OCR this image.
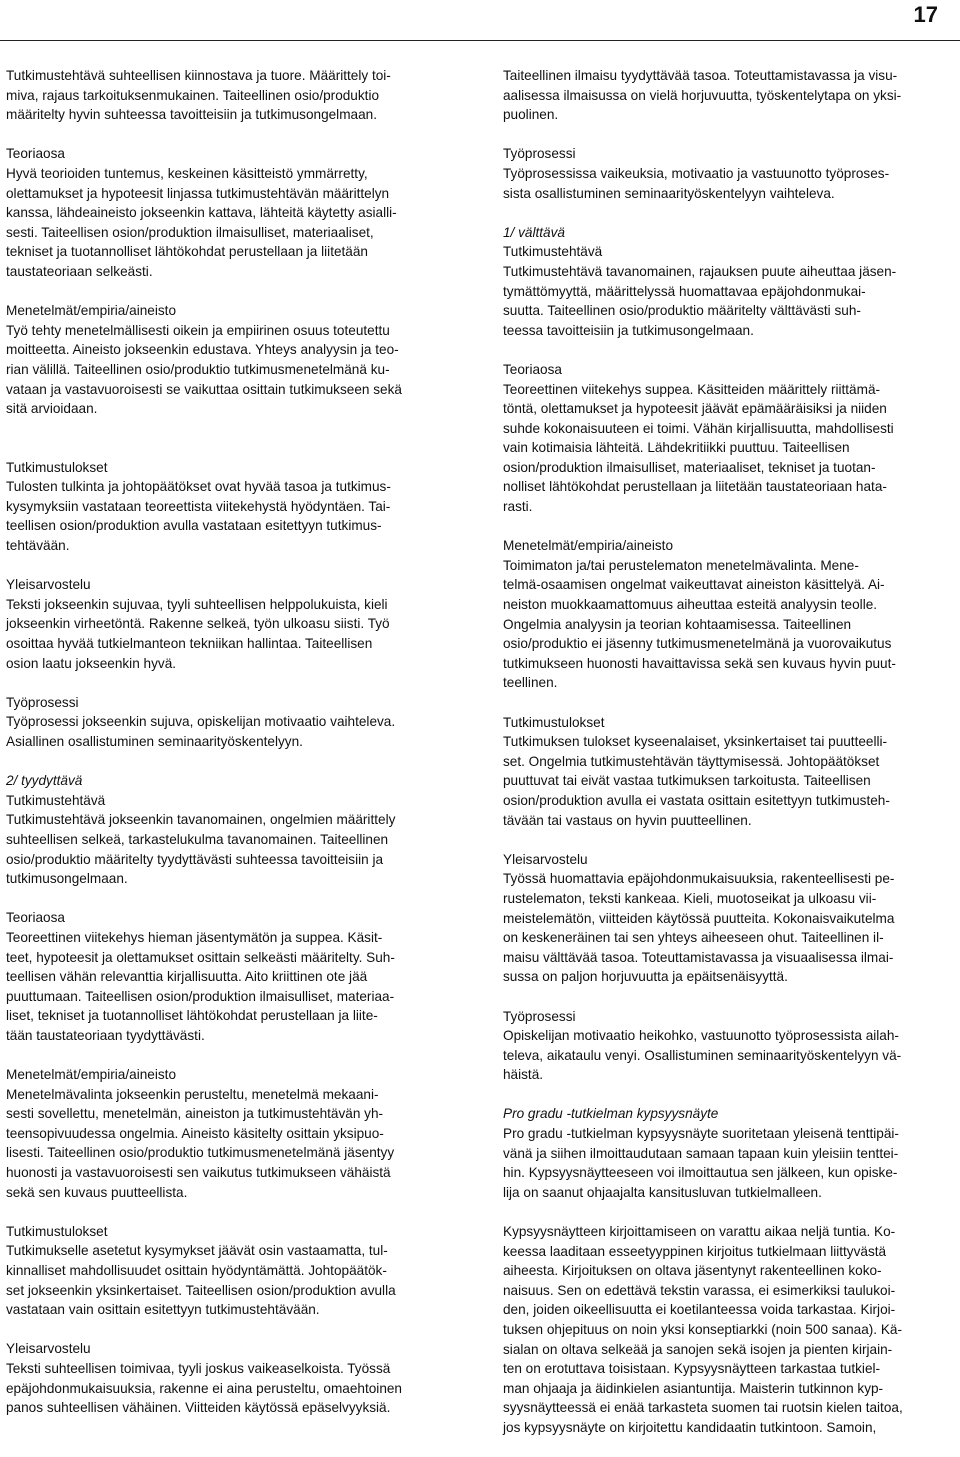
17
Tutkimustehtävä suhteellisen kiinnostava ja tuore. Määrittely toi-
miva, rajaus tarkoituksenmukainen. Taiteellinen osio/produktio
määritelty hyvin suhteessa tavoitteisiin ja tutkimusongelmaan.
Teoriaosa
Hyvä teorioiden tuntemus, keskeinen käsitteistö ymmärretty,
olettamukset ja hypoteesit linjassa tutkimustehtävän määrittelyn
kanssa, lähdeaineisto jokseenkin kattava, lähteitä käytetty asialli-
sesti. Taiteellisen osion/produktion ilmaisulliset, materiaaliset,
tekniset ja tuotannolliset lähtökohdat perustellaan ja liitetään
taustateoriaan selkeästi.
Menetelmät/empiria/aineisto
Työ tehty menetelmällisesti oikein ja empiirinen osuus toteutettu
moitteetta. Aineisto jokseenkin edustava. Yhteys analyysin ja teo-
rian välillä. Taiteellinen osio/produktio tutkimusmenetelmänä ku-
vataan ja vastavuoroisesti se vaikuttaa osittain tutkimukseen sekä
sitä arvioidaan.
Tutkimustulokset
Tulosten tulkinta ja johtopäätökset ovat hyvää tasoa ja tutkimus-
kysymyksiin vastataan teoreettista viitekehystä hyödyntäen. Tai-
teellisen osion/produktion avulla vastataan esitettyyn tutkimus-
tehtävään.
Yleisarvostelu
Teksti jokseenkin sujuvaa, tyyli suhteellisen helppolukuista, kieli
jokseenkin virheetöntä. Rakenne selkeä, työn ulkoasu siisti. Työ
osoittaa hyvää tutkielmanteon tekniikan hallintaa. Taiteellisen
osion laatu jokseenkin hyvä.
Työprosessi
Työprosessi jokseenkin sujuva, opiskelijan motivaatio vaihteleva.
Asiallinen osallistuminen seminaarityöskentelyyn.
2/ tyydyttävä
Tutkimustehtävä
Tutkimustehtävä jokseenkin tavanomainen, ongelmien määrittely
suhteellisen selkeä, tarkastelukulma tavanomainen. Taiteellinen
osio/produktio määritelty tyydyttävästi suhteessa tavoitteisiin ja
tutkimusongelmaan.
Teoriaosa
Teoreettinen viitekehys hieman jäsentymätön ja suppea. Käsit-
teet, hypoteesit ja olettamukset osittain selkeästi määritelty. Suh-
teellisen vähän relevanttia kirjallisuutta. Aito kriittinen ote jää
puuttumaan. Taiteellisen osion/produktion ilmaisulliset, materiaa-
liset, tekniset ja tuotannolliset lähtökohdat perustellaan ja liite-
tään taustateoriaan tyydyttävästi.
Menetelmät/empiria/aineisto
Menetelmävalinta jokseenkin perusteltu, menetelmä mekaani-
sesti sovellettu, menetelmän, aineiston ja tutkimustehtävän yh-
teensopivuudessa ongelmia. Aineisto käsitelty osittain yksipuo-
lisesti. Taiteellinen osio/produktio tutkimusmenetelmänä jäsentyy
huonosti ja vastavuoroisesti sen vaikutus tutkimukseen vähäistä
sekä sen kuvaus puutteellista.
Tutkimustulokset
Tutkimukselle asetetut kysymykset jäävät osin vastaamatta, tul-
kinnalliset mahdollisuudet osittain hyödyntämättä. Johtopäätök-
set jokseenkin yksinkertaiset. Taiteellisen osion/produktion avulla
vastataan vain osittain esitettyyn tutkimustehtävään.
Yleisarvostelu
Teksti suhteellisen toimivaa, tyyli joskus vaikeaselkoista. Työssä
epäjohdonmukaisuuksia, rakenne ei aina perusteltu, omaehtoinen
panos suhteellisen vähäinen. Viitteiden käytössä epäselvyyksiä.
Taiteellinen ilmaisu tyydyttävää tasoa. Toteuttamistavassa ja visu-
aalisessa ilmaisussa on vielä horjuvuutta, työskentelytapa on yksi-
puolinen.
Työprosessi
Työprosessissa vaikeuksia, motivaatio ja vastuunotto työproses-
sista osallistuminen seminaarityöskentelyyn vaihteleva.
1/ välttävä
Tutkimustehtävä
Tutkimustehtävä tavanomainen, rajauksen puute aiheuttaa jäsen-
tymättömyyttä, määrittelyssä huomattavaa epäjohdonmukai-
suutta. Taiteellinen osio/produktio määritelty välttävästi suh-
teessa tavoitteisiin ja tutkimusongelmaan.
Teoriaosa
Teoreettinen viitekehys suppea. Käsitteiden määrittely riittämä-
töntä, olettamukset ja hypoteesit jäävät epämääräisiksi ja niiden
suhde kokonaisuuteen ei toimi. Vähän kirjallisuutta, mahdollisesti
vain kotimaisia lähteitä. Lähdekritiikki puuttuu. Taiteellisen
osion/produktion ilmaisulliset, materiaaliset, tekniset ja tuotan-
nolliset lähtökohdat perustellaan ja liitetään taustateoriaan hata-
rasti.
Menetelmät/empiria/aineisto
Toimimaton ja/tai perustelematon menetelmävalinta. Mene-
telmä-osaamisen ongelmat vaikeuttavat aineiston käsittelyä. Ai-
neiston muokkaamattomuus aiheuttaa esteitä analyysin teolle.
Ongelmia analyysin ja teorian kohtaamisessa. Taiteellinen
osio/produktio ei jäsenny tutkimusmenetelmänä ja vuorovaikutus
tutkimukseen huonosti havaittavissa sekä sen kuvaus hyvin puut-
teellinen.
Tutkimustulokset
Tutkimuksen tulokset kyseenalaiset, yksinkertaiset tai puutteelli-
set. Ongelmia tutkimustehtävän täyttymisessä. Johtopäätökset
puuttuvat tai eivät vastaa tutkimuksen tarkoitusta. Taiteellisen
osion/produktion avulla ei vastata osittain esitettyyn tutkimusteh-
tävään tai vastaus on hyvin puutteellinen.
Yleisarvostelu
Työssä huomattavia epäjohdonmukaisuuksia, rakenteellisesti pe-
rustelematon, teksti kankeaa. Kieli, muotoseikat ja ulkoasu vii-
meistelemätön, viitteiden käytössä puutteita. Kokonaisvaikutelma
on keskeneräinen tai sen yhteys aiheeseen ohut. Taiteellinen il-
maisu välttävää tasoa. Toteuttamistavassa ja visuaalisessa ilmai-
sussa on paljon horjuvuutta ja epäitsenäisyyttä.
Työprosessi
Opiskelijan motivaatio heikohko, vastuunotto työprosessista ailah-
televa, aikataulu venyi. Osallistuminen seminaarityöskentelyyn vä-
häistä.
Pro gradu -tutkielman kypsyysnäyte
Pro gradu -tutkielman kypsyysnäyte suoritetaan yleisenä tenttipäi-
vänä ja siihen ilmoittaudutaan samaan tapaan kuin yleisiin tenttei-
hin. Kypsyysnäytteeseen voi ilmoittautua sen jälkeen, kun opiske-
lija on saanut ohjaajalta kansitusluvan tutkielmalleen.
Kypsyysnäytteen kirjoittamiseen on varattu aikaa neljä tuntia. Ko-
keessa laaditaan esseetyyppinen kirjoitus tutkielmaan liittyvästä
aiheesta. Kirjoituksen on oltava jäsentynyt rakenteellinen koko-
naisuus. Sen on edettävä tekstin varassa, ei esimerkiksi taulukoi-
den, joiden oikeellisuutta ei koetilanteessa voida tarkastaa. Kirjoi-
tuksen ohjepituus on noin yksi konseptiarkki (noin 500 sanaa). Kä-
sialan on oltava selkeää ja sanojen sekä isojen ja pienten kirjain-
ten on erotuttava toisistaan. Kypsyysnäytteen tarkastaa tutkiel-
man ohjaaja ja äidinkielen asiantuntija. Maisterin tutkinnon kyp-
syysnäytteessä ei enää tarkasteta suomen tai ruotsin kielen taitoa,
jos kypsyysnäyte on kirjoitettu kandidaatin tutkintoon. Samoin,
